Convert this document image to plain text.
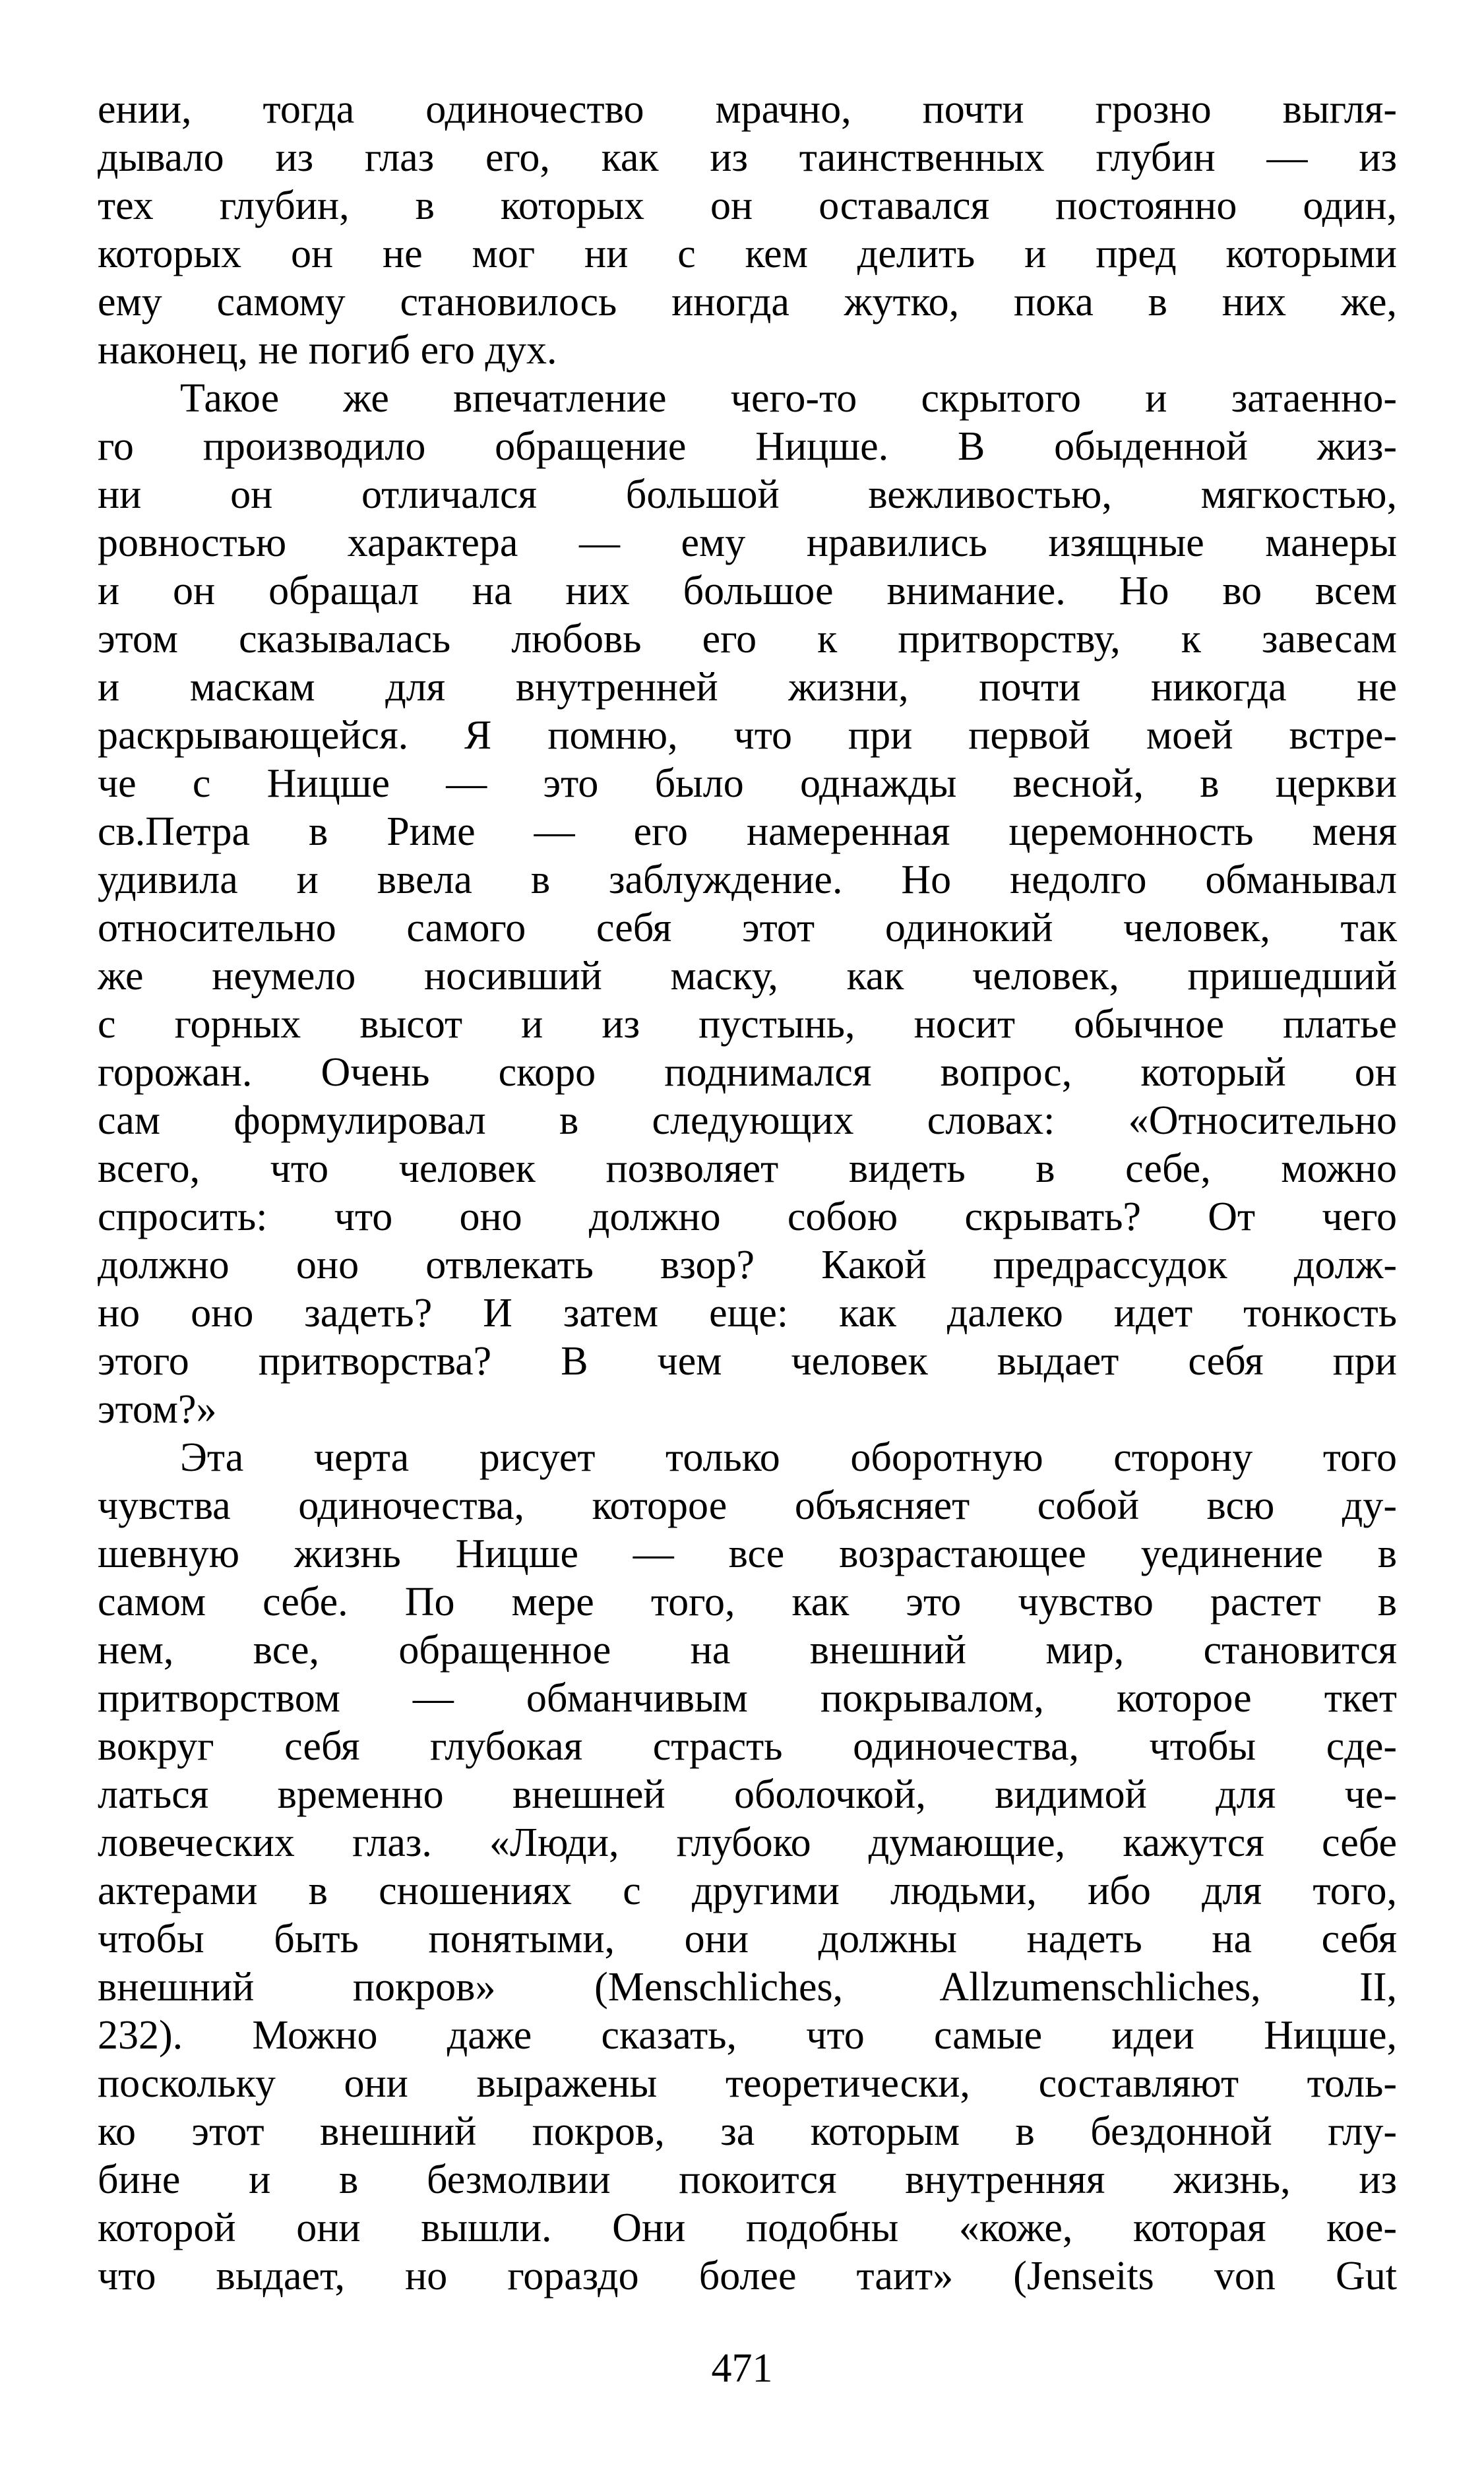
ении, тогда одиночество мрачно, почти грозно выгля-
дывало из глаз его, как из таинственных глубин — из
тех глубин, в которых он оставался постоянно один,
которых он не мог ни с кем делить и пред которыми
ему самому становилось иногда жутко, пока в них же,
наконец, не погиб его дух.
Такое же впечатление чего-то скрытого и затаенно-
го производило обращение Ницше. В обыденной жиз-
ни он отличался большой вежливостью, мягкостью,
ровностью характера — ему нравились изящные манеры
и он обращал на них большое внимание. Но во всем
этом сказывалась любовь его к притворству, к завесам
и маскам для внутренней жизни, почти никогда не
раскрывающейся. Я помню, что при первой моей встре-
че с Ницше — это было однажды весной, в церкви
св.Петра в Риме — его намеренная церемонность меня
удивила и ввела в заблуждение. Но недолго обманывал
относительно самого себя этот одинокий человек, так
же неумело носивший маску, как человек, пришедший
с горных высот и из пустынь, носит обычное платье
горожан. Очень скоро поднимался вопрос, который он
сам формулировал в следующих словах: «Относительно
всего, что человек позволяет видеть в себе, можно
спросить: что оно должно собою скрывать? От чего
должно оно отвлекать взор? Какой предрассудок долж-
но оно задеть? И затем еще: как далеко идет тонкость
этого притворства? В чем человек выдает себя при
этом?»
Эта черта рисует только оборотную сторону того
чувства одиночества, которое объясняет собой всю ду-
шевную жизнь Ницше — все возрастающее уединение в
самом себе. По мере того, как это чувство растет в
нем, все, обращенное на внешний мир, становится
притворством — обманчивым покрывалом, которое ткет
вокруг себя глубокая страсть одиночества, чтобы сде-
латься временно внешней оболочкой, видимой для че-
ловеческих глаз. «Люди, глубоко думающие, кажутся себе
актерами в сношениях с другими людьми, ибо для того,
чтобы быть понятыми, они должны надеть на себя
внешний покров» (Menschliches, Allzumenschliches, II,
232). Можно даже сказать, что самые идеи Ницше,
поскольку они выражены теоретически, составляют толь-
ко этот внешний покров, за которым в бездонной глу-
бине и в безмолвии покоится внутренняя жизнь, из
которой они вышли. Они подобны «коже, которая кое-
что выдает, но гораздо более таит» (Jenseits von Gut
471
